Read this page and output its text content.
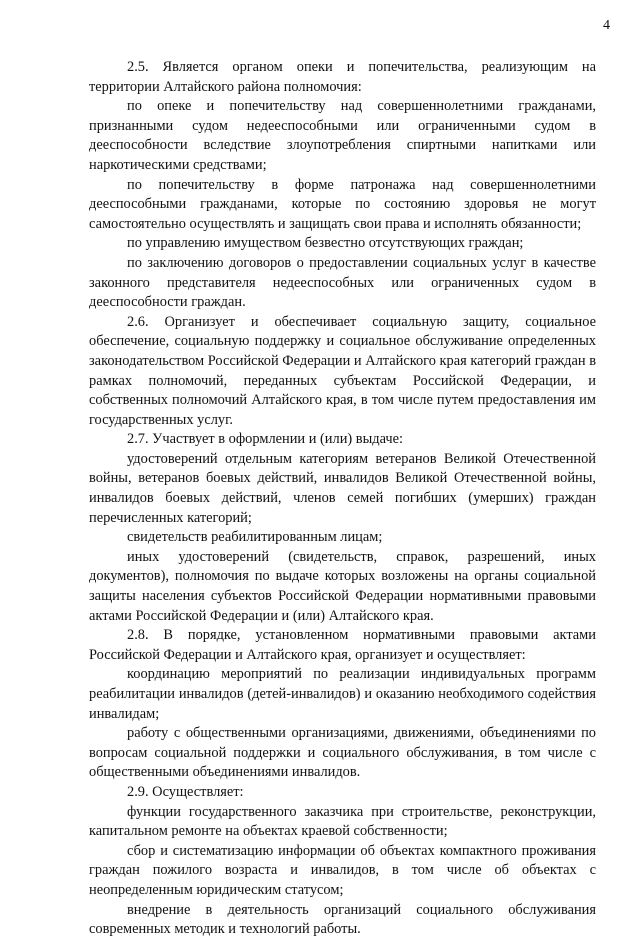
4

2.5. Является органом опеки и попечительства, реализующим на территории Алтайского района полномочия:

по опеке и попечительству над совершеннолетними гражданами, признанными судом недееспособными или ограниченными судом в дееспособности вследствие злоупотребления спиртными напитками или наркотическими средствами;

по попечительству в форме патронажа над совершеннолетними дееспособными гражданами, которые по состоянию здоровья не могут самостоятельно осуществлять и защищать свои права и исполнять обязанности;

по управлению имуществом безвестно отсутствующих граждан;

по заключению договоров о предоставлении социальных услуг в качестве законного представителя недееспособных или ограниченных судом в дееспособности граждан.

2.6. Организует и обеспечивает социальную защиту, социальное обеспечение, социальную поддержку и социальное обслуживание определенных законодательством Российской Федерации и Алтайского края категорий граждан в рамках полномочий, переданных субъектам Российской Федерации, и собственных полномочий Алтайского края, в том числе путем предоставления им государственных услуг.

2.7. Участвует в оформлении и (или) выдаче:

удостоверений отдельным категориям ветеранов Великой Отечественной войны, ветеранов боевых действий, инвалидов Великой Отечественной войны, инвалидов боевых действий, членов семей погибших (умерших) граждан перечисленных категорий;

свидетельств реабилитированным лицам;

иных удостоверений (свидетельств, справок, разрешений, иных документов), полномочия по выдаче которых возложены на органы социальной защиты населения субъектов Российской Федерации нормативными правовыми актами Российской Федерации и (или) Алтайского края.

2.8. В порядке, установленном нормативными правовыми актами Российской Федерации и Алтайского края, организует и осуществляет:

координацию мероприятий по реализации индивидуальных программ реабилитации инвалидов (детей-инвалидов) и оказанию необходимого содействия инвалидам;

работу с общественными организациями, движениями, объединениями по вопросам социальной поддержки и социального обслуживания, в том числе с общественными объединениями инвалидов.

2.9. Осуществляет:

функции государственного заказчика при строительстве, реконструкции, капитальном ремонте на объектах краевой собственности;

сбор и систематизацию информации об объектах компактного проживания граждан пожилого возраста и инвалидов, в том числе об объектах с неопределенным юридическим статусом;

внедрение в деятельность организаций социального обслуживания современных методик и технологий работы.
